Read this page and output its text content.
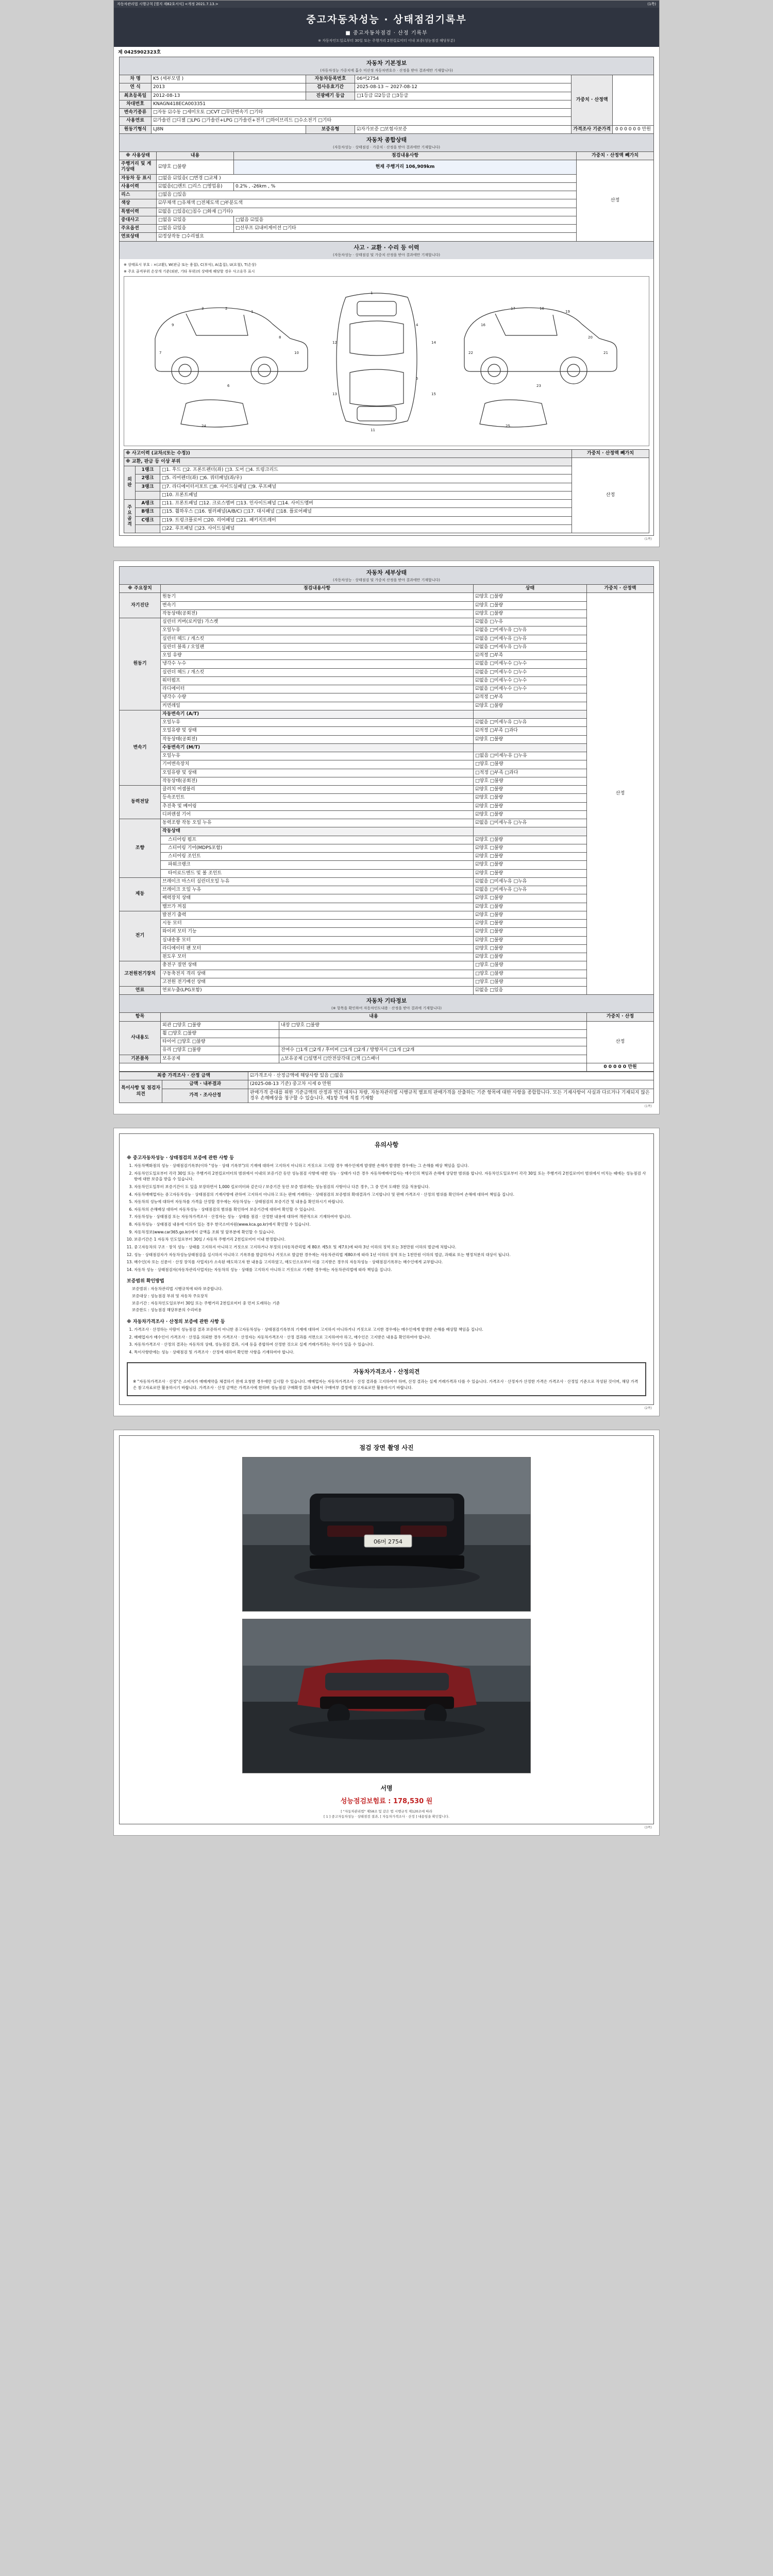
자동차관리법 시행규칙 [별지 제82호서식] <개정 2021.7.13.>	(1쪽)
중고자동차성능 · 상태점검기록부
■ 중고자동차점검 · 산정 기록부
※ 자동차인도일로부터 30일 또는 주행거리 2천킬로미터 이내 보증(성능점검 해당부분)
제 0425902323호
자동차 기본정보
(자동차성능 가중치에 흡수 미산정 자동차변호수 · 산정을 받아 결과에만 기재합니다)
차 명	K5 (세부모델 )	자동차등록번호	06머2754	가중치 · 산정액	
연 식	2013	검사유효기간	2025-08-13 ~ 2027-08-12		
최초등록일	2012-08-13	진광배기 등급	□1등급 ☑2등급 □3등급		
차대번호	KNAGN418ECA003351				
변속기종류	□자동 ☑수동 □세미오토 □CVT □무단변속기 □기타				
사용연료	☑가솔린 □디젤 □LPG □가솔린+LPG □가솔린+전기 □하이브리드 □수소전기 □기타				
원동기형식	LJ8N	보증유형	☑자가보증 □보험사보증	가격조사 기준가격	0 0 0 0 0 0 만원
자동차 종합상태
(자동차성능 · 상태점검 · 가중치 · 산정을 받아 결과에만 기재합니다)
※ 사용상태	내용	점검내용사항	가중치 · 산정액 빼가치
주행거리 및 계기상태	☑양호 □불량	현재 주행거리 106,909km	산정
자동차 등 표시	□없음 ☑있음( □변경 □교체 )		
사용이력	☑없음(□렌트 □리스 □영업용)	0.2% , -26km , %	
리스	□없음 □있음		
색상	☑무채색 □유채색 □전체도색 □부분도색		
특별이력	☑없음 □있음(□침수 □화재 □기타)		
중대사고	□없음 ☑있음	□없음 ☑있음	
주요옵션	□없음 ☑있음	□선루프 ☑내비게이션 □기타	
연료상태	☑정상작동 □수리필요		
사고 · 교환 · 수리 등 이력
(자동차성능 · 상태점검 및 가중치 산정을 받아 결과에만 기재합니다)
※ 상태표시 부호 : ×(교환), W(판금 또는 용접), C(부식), A(흠집), U(요철), T(손상)
※ 주요 골격부위 손상개 기준(외판, 기타 부위)의 상태에 해당할 경우 사고유무 표시
9
3	2
1
8
10
7
6
1
4
5
11
12
13
14
15
16
17	18
19
20
21
22
23
24	25
※ 사고이력 (교차/(또는 수정))			가중치 · 산정액 빼가치
※ 교환, 판금 등 이상 부위			산정
외판	1랭크	□1. 후드 □2. 프론트펜더(좌) □3. 도어 □4. 트렁크리드	
	2랭크	□5. 리어펜더(좌) □6. 쿼터패널(좌/우)	
	3랭크	□7. 라디에이터서포트 □8. 사이드실패널 □9. 루프패널	
		□10. 프론트패널	
주요골격	A랭크	□11. 프론트패널 □12. 크로스멤버 □13. 인사이드패널 □14. 사이드멤버	
	B랭크	□15. 휠하우스 □16. 필러패널(A/B/C) □17. 대시패널 □18. 플로어패널	
	C랭크	□19. 트렁크플로어 □20. 리어패널 □21. 패키지트레이	
		□22. 루프패널 □23. 사이드실패널	
(1쪽)
자동차 세부상태
(자동차성능 · 상태점검 및 가중치 산정을 받아 결과에만 기재합니다)
※ 주요장치	점검내용사항	상태	가중치 · 산정액
자기진단	원동기	☑양호 □불량	산정
	변속기	☑양호 □불량	
	작동상태(공회전)	☑양호 □불량	
원동기	실린더 커버(로커암) 가스켓	☑없음 □누유	
	오일누유	☑없음 □미세누유 □누유	
	실린더 헤드 / 개스킷	☑없음 □미세누유 □누유	
	실린더 블록 / 오일팬	☑없음 □미세누유 □누유	
	오일 유량	☑적정 □부족	
	냉각수 누수	☑없음 □미세누수 □누수	
	실린더 헤드 / 개스킷	☑없음 □미세누수 □누수	
	워터펌프	☑없음 □미세누수 □누수	
	라디에이터	☑없음 □미세누수 □누수	
	냉각수 수량	☑적정 □부족	
	커먼레일	☑양호 □불량	
변속기	자동변속기 (A/T)		
	오일누유	☑없음 □미세누유 □누유	
	오일유량 및 상태	☑적정 □부족 □과다	
	작동상태(공회전)	☑양호 □불량	
	수동변속기 (M/T)		
	오일누유	□없음 □미세누유 □누유	
	기어변속장치	□양호 □불량	
	오일유량 및 상태	□적정 □부족 □과다	
	작동상태(공회전)	□양호 □불량	
동력전달	클러치 어셈블리	☑양호 □불량	
	등속조인트	☑양호 □불량	
	추진축 및 베어링	☑양호 □불량	
	디퍼렌셜 기어	☑양호 □불량	
조향	동력조향 작동 오일 누유	☑없음 □미세누유 □누유	
	작동상태		
	스티어링 펌프	☑양호 □불량	
	스티어링 기어(MDPS포함)	☑양호 □불량	
	스티어링 조인트	☑양호 □불량	
	파워크랭크	☑양호 □불량	
	타이로드엔드 및 볼 조인트	☑양호 □불량	
제동	브레이크 마스터 실린더오일 누유	☑없음 □미세누유 □누유	
	브레이크 오일 누유	☑없음 □미세누유 □누유	
	배력장치 상태	☑양호 □불량	
	밸브가 꺼짐	☑양호 □불량	
전기	발전기 출력	☑양호 □불량	
	시동 모터	☑양호 □불량	
	와이퍼 모터 기능	☑양호 □불량	
	실내송풍 모터	☑양호 □불량	
	라디에이터 팬 모터	☑양호 □불량	
	윈도우 모터	☑양호 □불량	
고전원전기장치	충전구 절연 상태	□양호 □불량	
	구동축전지 격리 상태	□양호 □불량	
	고전원 전기배선 상태	□양호 □불량	
연료	연료누출(LPG포함)	☑없음 □있음	
자동차 기타정보
(※ 항목을 확인하여 자동차인도내용 · 산정을 받아 결과에 기재합니다)
항목	내용		가중치 · 산정
사내용도	외관 □양호 □불량	내장 □양호 □불량	산정
	휠 □양호 □불량		
	타이어 □양호 □불량		
	유리 □양호 □불량	잔여수 □1개 □2개 / 후미비 □1개 □2개 / 방향지시 □1개 □2개	
기본품목	보유공제	△보유공제 □설명서 □안전삼각대 □잭 □스패너	
			0 0 0 0 0 만원
최종 가격조사 · 산정 금액		☑가격조사 · 산정금액에 해당사항 있음 □없음
특이사항 및 점검자 의견	금액 · 내부결과	(2025-08-13 기준) 중고차 시세 0 만원
	가격 · 조사산정	판매가격 증대를 위한 기준금액의 산정과 연간 대차나 차량, 자동차관리법 시행규칙 별표의 판매가격을 산출하는 기준 항목에 대한 사항을 종합합니다. 모든 기재사항이 사실과 다르거나 기재되지 않은 경우 손해배상을 청구할 수 있습니다. 제1항 의에 직접 기재함
(1쪽)
유의사항
※ 중고자동차성능 · 상태점검의 보증에 관한 사항 등
1. 자동차백화점의 성능 · 상태점검기록부(이하 "성능 · 상태 기록부")의 기재에 대하여 고지하지 아니하고 거짓으로 고지할 경우 매수인에게 발생한 손해가 발생한 경우에는 그 손해를 배상 책임을 집니다.
2. 자동차인도일로부터 각각 30일 또는 주행거리 2천킬로미터의 범위에서 이내의 보증기간 동안 성능점검 사항에 대한 성능 · 상태가 다른 경우 자동차매매사업자는 매수인의 책임과 손해에 상당한 범위를 합니다. 자동차인도일로부터 각각 30일 또는 주행거리 2천킬로미터 범위에서 미치는 때에는 성능점검 사항에 대한 보증을 받을 수 있습니다.
3. 자동차인도일부터 보증기간이 도 있을 보장하면서 1,000 킬로미터와 같은다 / 보증기간 동안 보증 범위에는 성능점검의 사항이나 다른 경우, 그 중 먼저 도래한 것을 적용합니다.
4. 자동차매매업자는 중고자동차성능 · 상태점검의 기재사항에 관하여 고지하지 아니하고 또는 판매 거래하는 · 상태점검의 보증범위 확대결과가 고지합니다 및 판매 가격조사 · 산정의 범위를 확인하여 손해에 대하여 책임을 집니다.
5. 자동차의 성능에 대하여 자동차를 가격을 산정할 경우에는 자동차성능 · 상태점검의 보증기간 및 내용을 확인하시기 바랍니다.
6. 자동차의 손해배상 대하여 자동차성능 · 상태점검의 범위를 확인하여 보증기간에 대하여 확인할 수 있습니다.
7. 자동차성능 · 상태점검 또는 자동차가격조사 · 산정자는 성능 · 상태를 점검 · 산정한 내용에 대하여 객관적으로 기재하여야 합니다.
8. 자동차성능 · 상태점검 내용에 이의가 있는 경우 한국소비자원(www.kca.go.kr)에서 확인할 수 있습니다.
9. 자동차정보(www.car365.go.kr)에서 금액을 조회 및 앞부분에 확인할 수 있습니다.
10. 보증기간은 1 자동차 인도일로부터 30일 / 자동차 주행거리 2천킬로미터 이내 한정합니다.
11. 중고자동차의 구조 · 장치 성능 · 상태를 고지하지 아니하고 거짓으로 고지하거나 부정의 (자동차관리법 제 80조 제5호 및 제7호)에 따라 3년 이하의 징역 또는 3천만원 이하의 벌금에 처합니다.
12. 성능 · 상태점검자가 자동차성능상태점검을 실시하지 아니하고 기록부를 발급하거나 거짓으로 발급한 경우에는 자동차관리법 제80조에 따라 1년 이하의 징역 또는 1천만원 이하의 벌금, 과태료 또는 행정처분의 대상이 됩니다.
13. 매수인(자 또는 신문이 · 산정 장치를 사업자)가 소속된 매도하고자 한 내용을 고지하였고, 매도인으로부터 이를 고지받은 경우의 자동차성능 · 상태점검기록부는 매수인에게 교부합니다.
14. 자동차 성능 · 상태점검자(자동차관리사업자)는 자동차의 성능 · 상태를 고지하지 아니하고 거짓으로 기재한 경우에는 자동차관리법에 따라 책임을 집니다.
보증범위 확인방법

보증범위 : 자동차관리법 시행규칙에 따라 보증합니다.

보증대상 : 성능점검 부위 및 자동차 주요장치

보증기간 : 자동차인도일로부터 30일 또는 주행거리 2천킬로미터 중 먼저 도래하는 기준

보증한도 : 성능점검 해당부분의 수리비용

※ 자동차가격조사 · 산정의 보증에 관한 사항 등
1. 가격조사 · 산정하는 사람이 성능점검 결과 보증하지 아니한 중고자동차성능 · 상태점검기록부의 기재에 대하여 고지하지 아니하거나 거짓으로 고지한 경우에는 매수인에게 발생한 손해를 배상할 책임을 집니다.
2. 매매업자가 매수인이 가격조사 · 산정을 의뢰한 경우 가격조사 · 산정자는 자동차가격조사 · 산정 결과를 서면으로 고지하여야 하고, 매수인은 고지받은 내용을 확인하여야 합니다.
3. 자동차가격조사 · 산정의 결과는 자동차의 상태, 성능점검 결과, 시세 등을 종합하여 산정한 것으로 실제 거래가격과는 차이가 있을 수 있습니다.
4. 특이사항란에는 성능 · 상태점검 및 가격조사 · 산정에 대하여 확인한 사항을 기재하여야 합니다.
자동차가격조사 · 산정의견
※ "자동차가격조사 · 산정"은 소비자가 매매계약을 체결하기 전에 요청한 경우에만 실시할 수 있습니다. 매매업자는 자동차가격조사 · 산정 결과를 고지하여야 하며, 산정 결과는 실제 거래가격과 다를 수 있습니다. 가격조사 · 산정자가 산정한 가격은 가격조사 · 산정일 기준으로 작성된 것이며, 해당 가격은 참고자료로만 활용하시기 바랍니다. 가격조사 · 산정 금액은 가격조사에 한하며 성능점검 구매확정 결과 내에서 구매여부 결정에 참고자료로만 활용하시기 바랍니다.
(2쪽)
점검 장면 촬영 사진
06머 2754
서명
성능점검보험료 : 178,530 원
[ "자동차관리법" 제58조 및 같은 법 시행규칙 제120조에 따라
[ 1 ] 중고자동차성능 · 상태점검 결과, [ 자동차가격조사 · 산정 ] 내용임을 확인합니다.
(3쪽)
